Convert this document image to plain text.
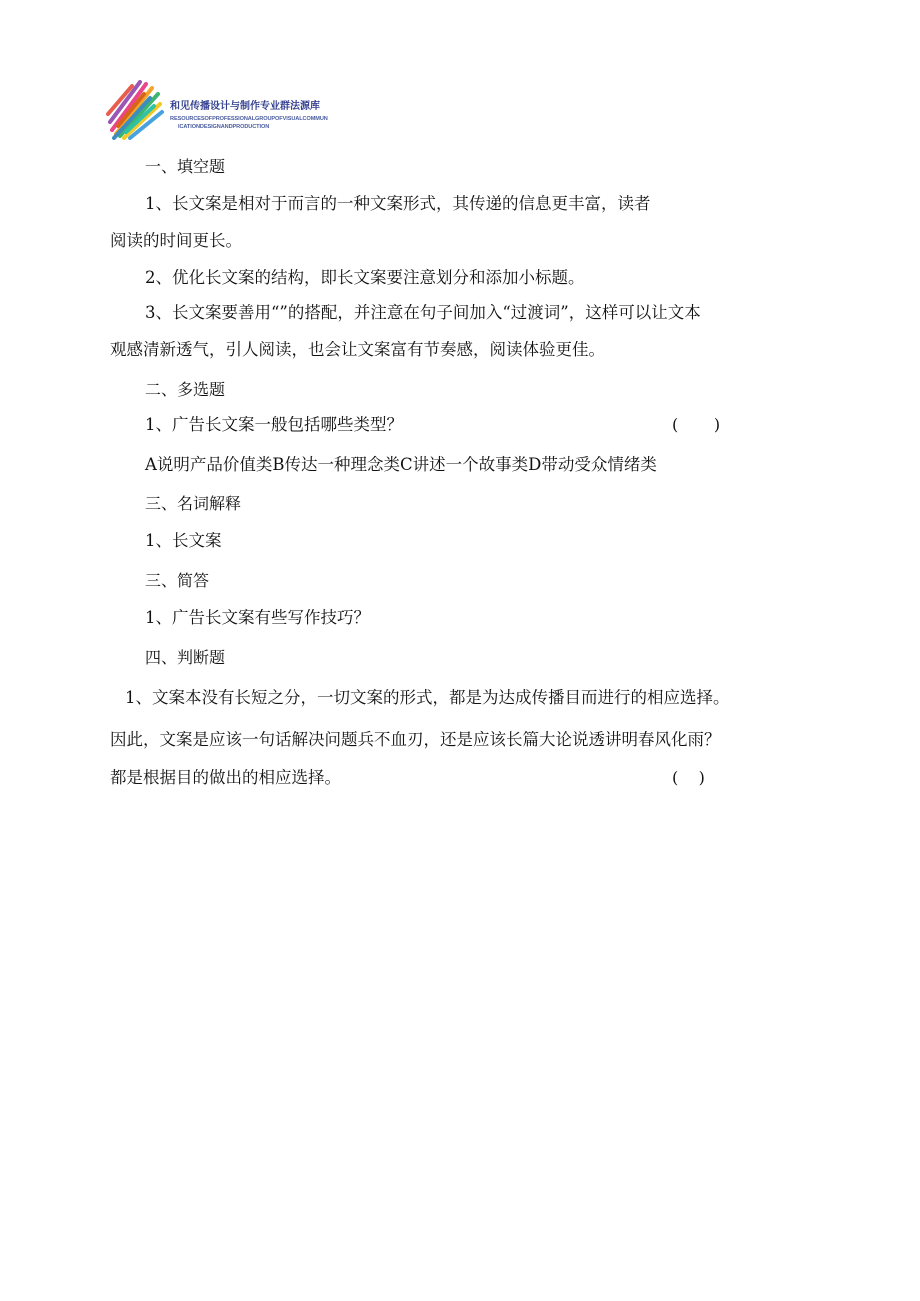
和见传播设计与制作专业群法源库
RESOURCESOFPROFESSIONALGROUPOFVISUALCOMMUN
ICATIONDESIGNANDPRODUCTION
一、填空题
1、长文案是相对于而言的一种文案形式，其传递的信息更丰富，读者
阅读的时间更长。
2、优化长文案的结构，即长文案要注意划分和添加小标题。
3、长文案要善用“”的搭配，并注意在句子间加入“过渡词”，这样可以让文本
观感清新透气，引人阅读，也会让文案富有节奏感，阅读体验更佳。
二、多选题
1、广告长文案一般包括哪些类型？	(       )
A说明产品价值类B传达一种理念类C讲述一个故事类D带动受众情绪类
三、名词解释
1、长文案
三、简答
1、广告长文案有些写作技巧？
四、判断题
1、文案本没有长短之分，一切文案的形式，都是为达成传播目而进行的相应选择。
因此，文案是应该一句话解决问题兵不血刃，还是应该长篇大论说透讲明春风化雨？
都是根据目的做出的相应选择。	(    )
